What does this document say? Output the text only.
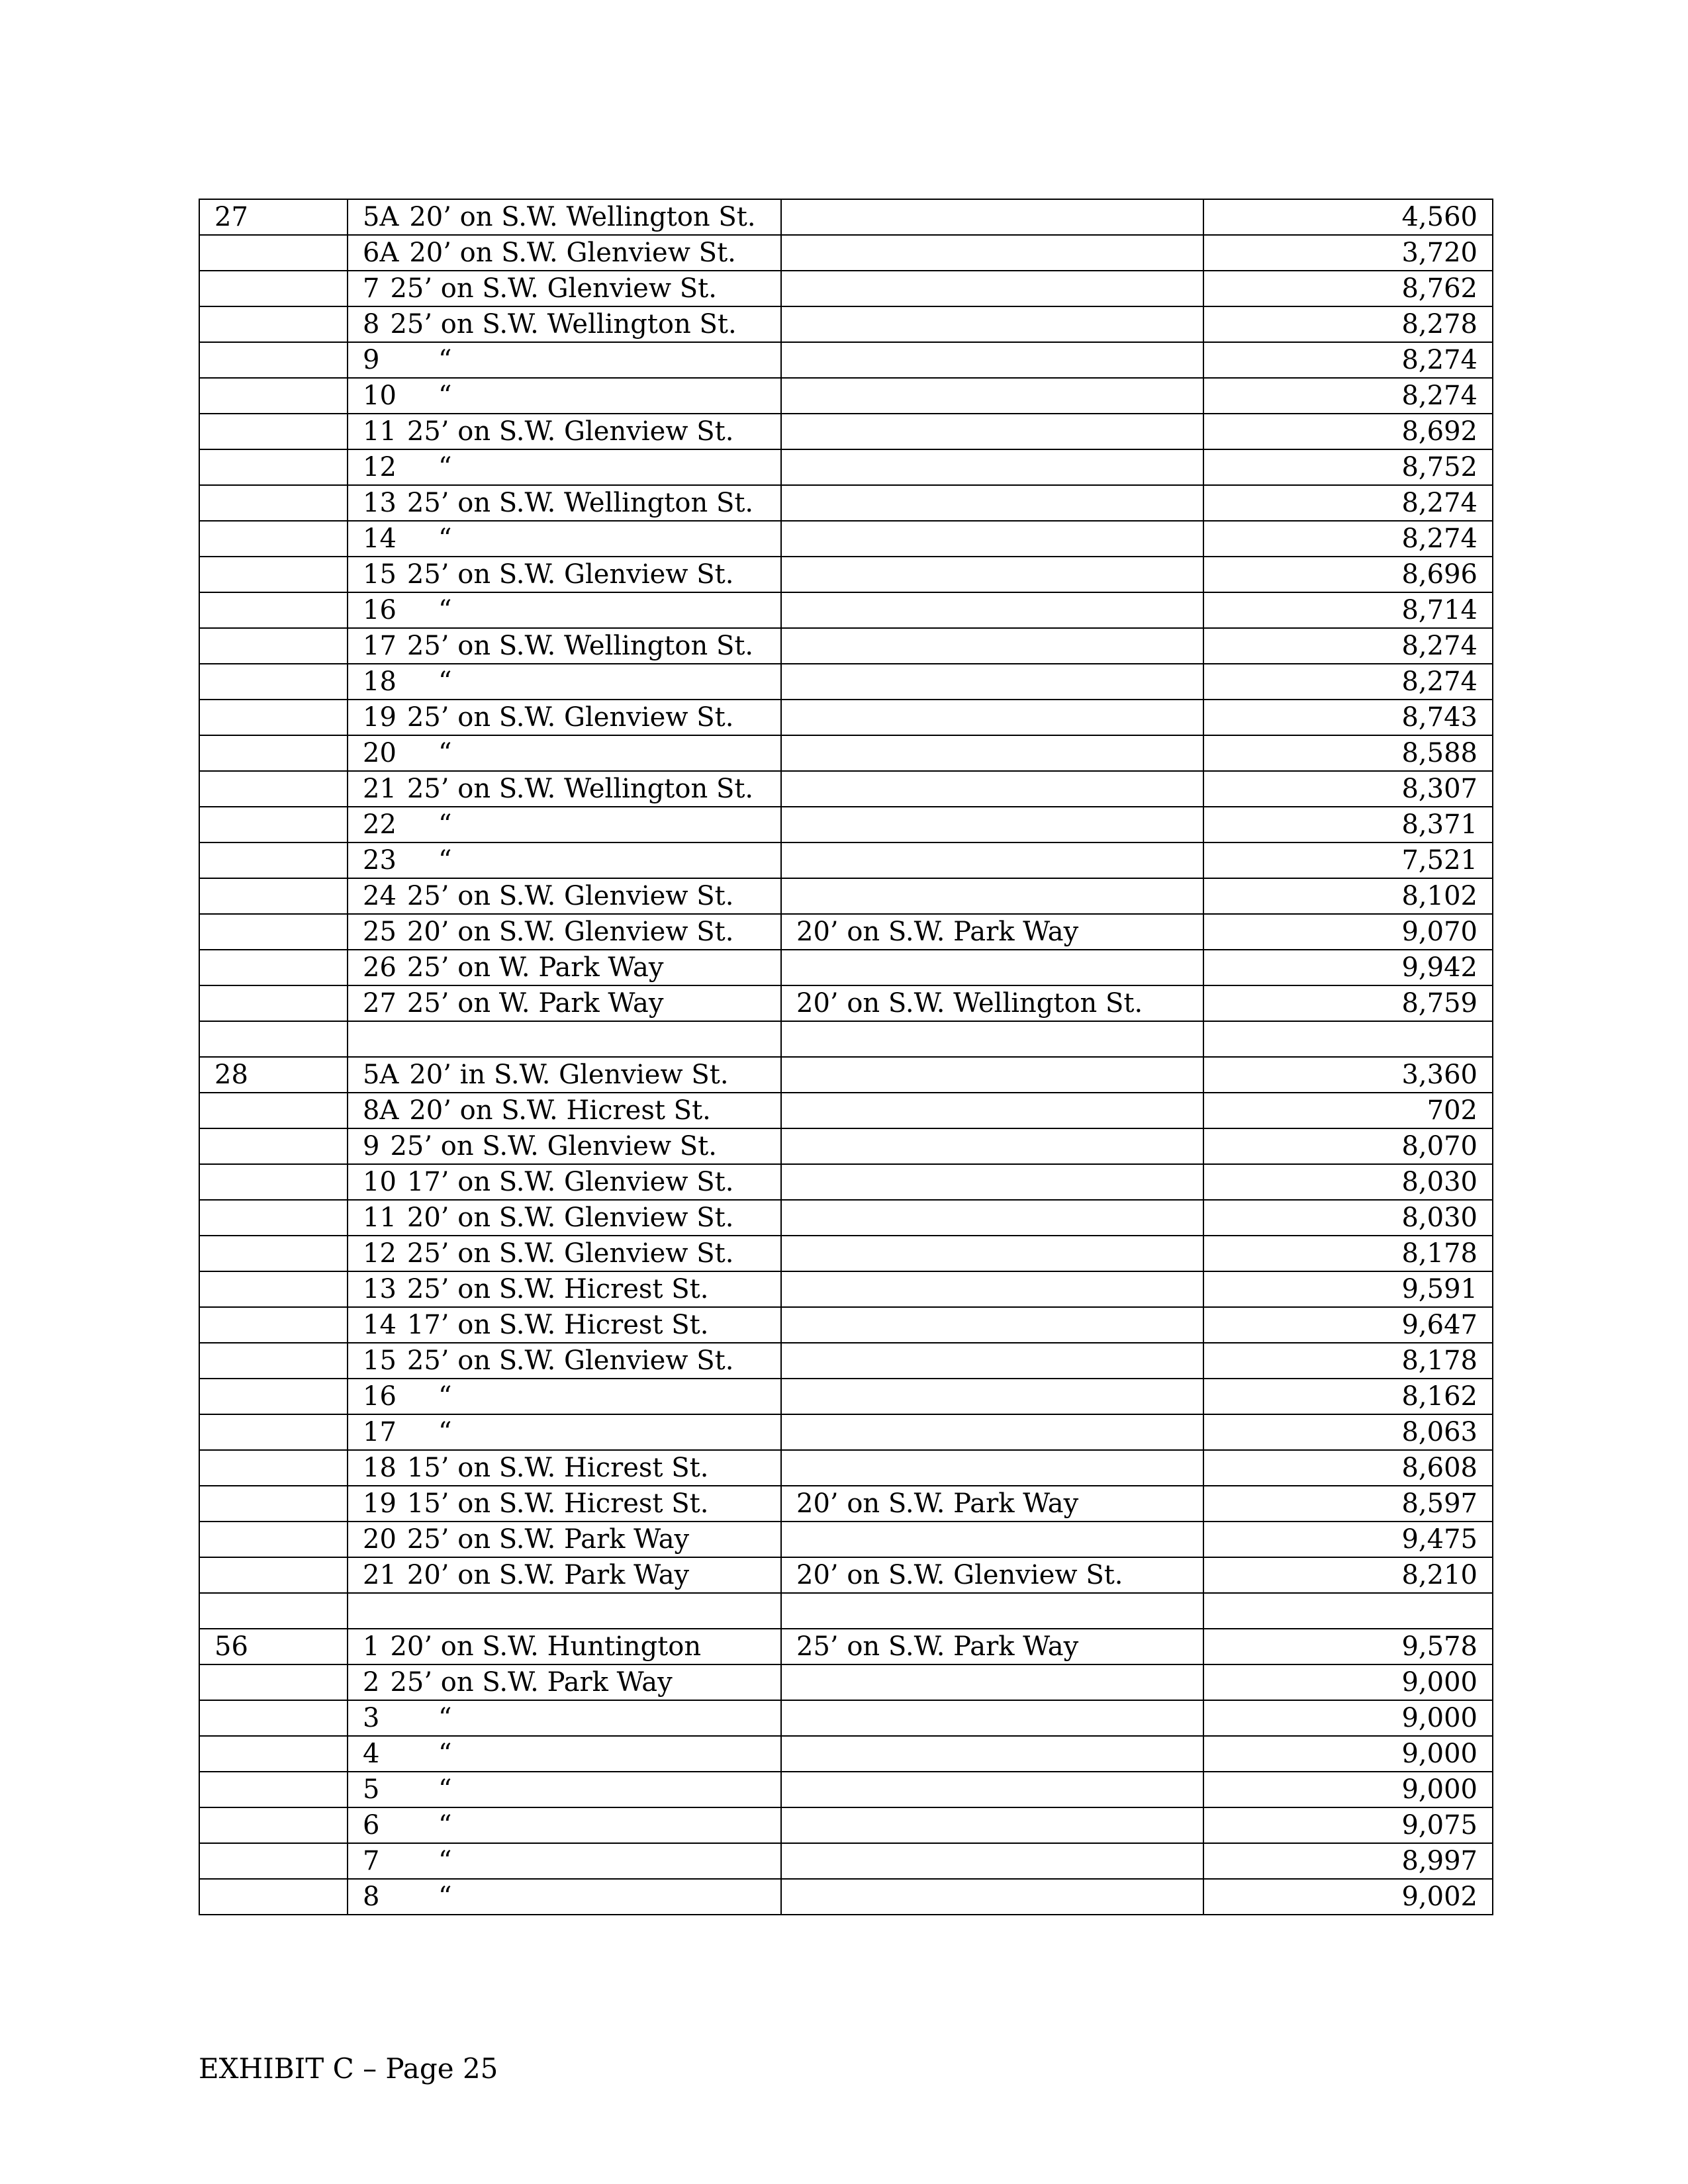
27	5A 20’ on S.W. Wellington St.		4,560
	6A 20’ on S.W. Glenview St.		3,720
	7 25’ on S.W. Glenview St.		8,762
	8 25’ on S.W. Wellington St.		8,278
	9 “		8,274
	10 “		8,274
	11 25’ on S.W. Glenview St.		8,692
	12 “		8,752
	13 25’ on S.W. Wellington St.		8,274
	14 “		8,274
	15 25’ on S.W. Glenview St.		8,696
	16 “		8,714
	17 25’ on S.W. Wellington St.		8,274
	18 “		8,274
	19 25’ on S.W. Glenview St.		8,743
	20 “		8,588
	21 25’ on S.W. Wellington St.		8,307
	22 “		8,371
	23 “		7,521
	24 25’ on S.W. Glenview St.		8,102
	25 20’ on S.W. Glenview St.	20’ on S.W. Park Way	9,070
	26 25’ on W. Park Way		9,942
	27 25’ on W. Park Way	20’ on S.W. Wellington St.	8,759

28	5A 20’ in S.W. Glenview St.		3,360
	8A 20’ on S.W. Hicrest St.		702
	9 25’ on S.W. Glenview St.		8,070
	10 17’ on S.W. Glenview St.		8,030
	11 20’ on S.W. Glenview St.		8,030
	12 25’ on S.W. Glenview St.		8,178
	13 25’ on S.W. Hicrest St.		9,591
	14 17’ on S.W. Hicrest St.		9,647
	15 25’ on S.W. Glenview St.		8,178
	16 “		8,162
	17 “		8,063
	18 15’ on S.W. Hicrest St.		8,608
	19 15’ on S.W. Hicrest St.	20’ on S.W. Park Way	8,597
	20 25’ on S.W. Park Way		9,475
	21 20’ on S.W. Park Way	20’ on S.W. Glenview St.	8,210

56	1 20’ on S.W. Huntington	25’ on S.W. Park Way	9,578
	2 25’ on S.W. Park Way		9,000
	3 “		9,000
	4 “		9,000
	5 “		9,000
	6 “		9,075
	7 “		8,997
	8 “		9,002
EXHIBIT C – Page 25
